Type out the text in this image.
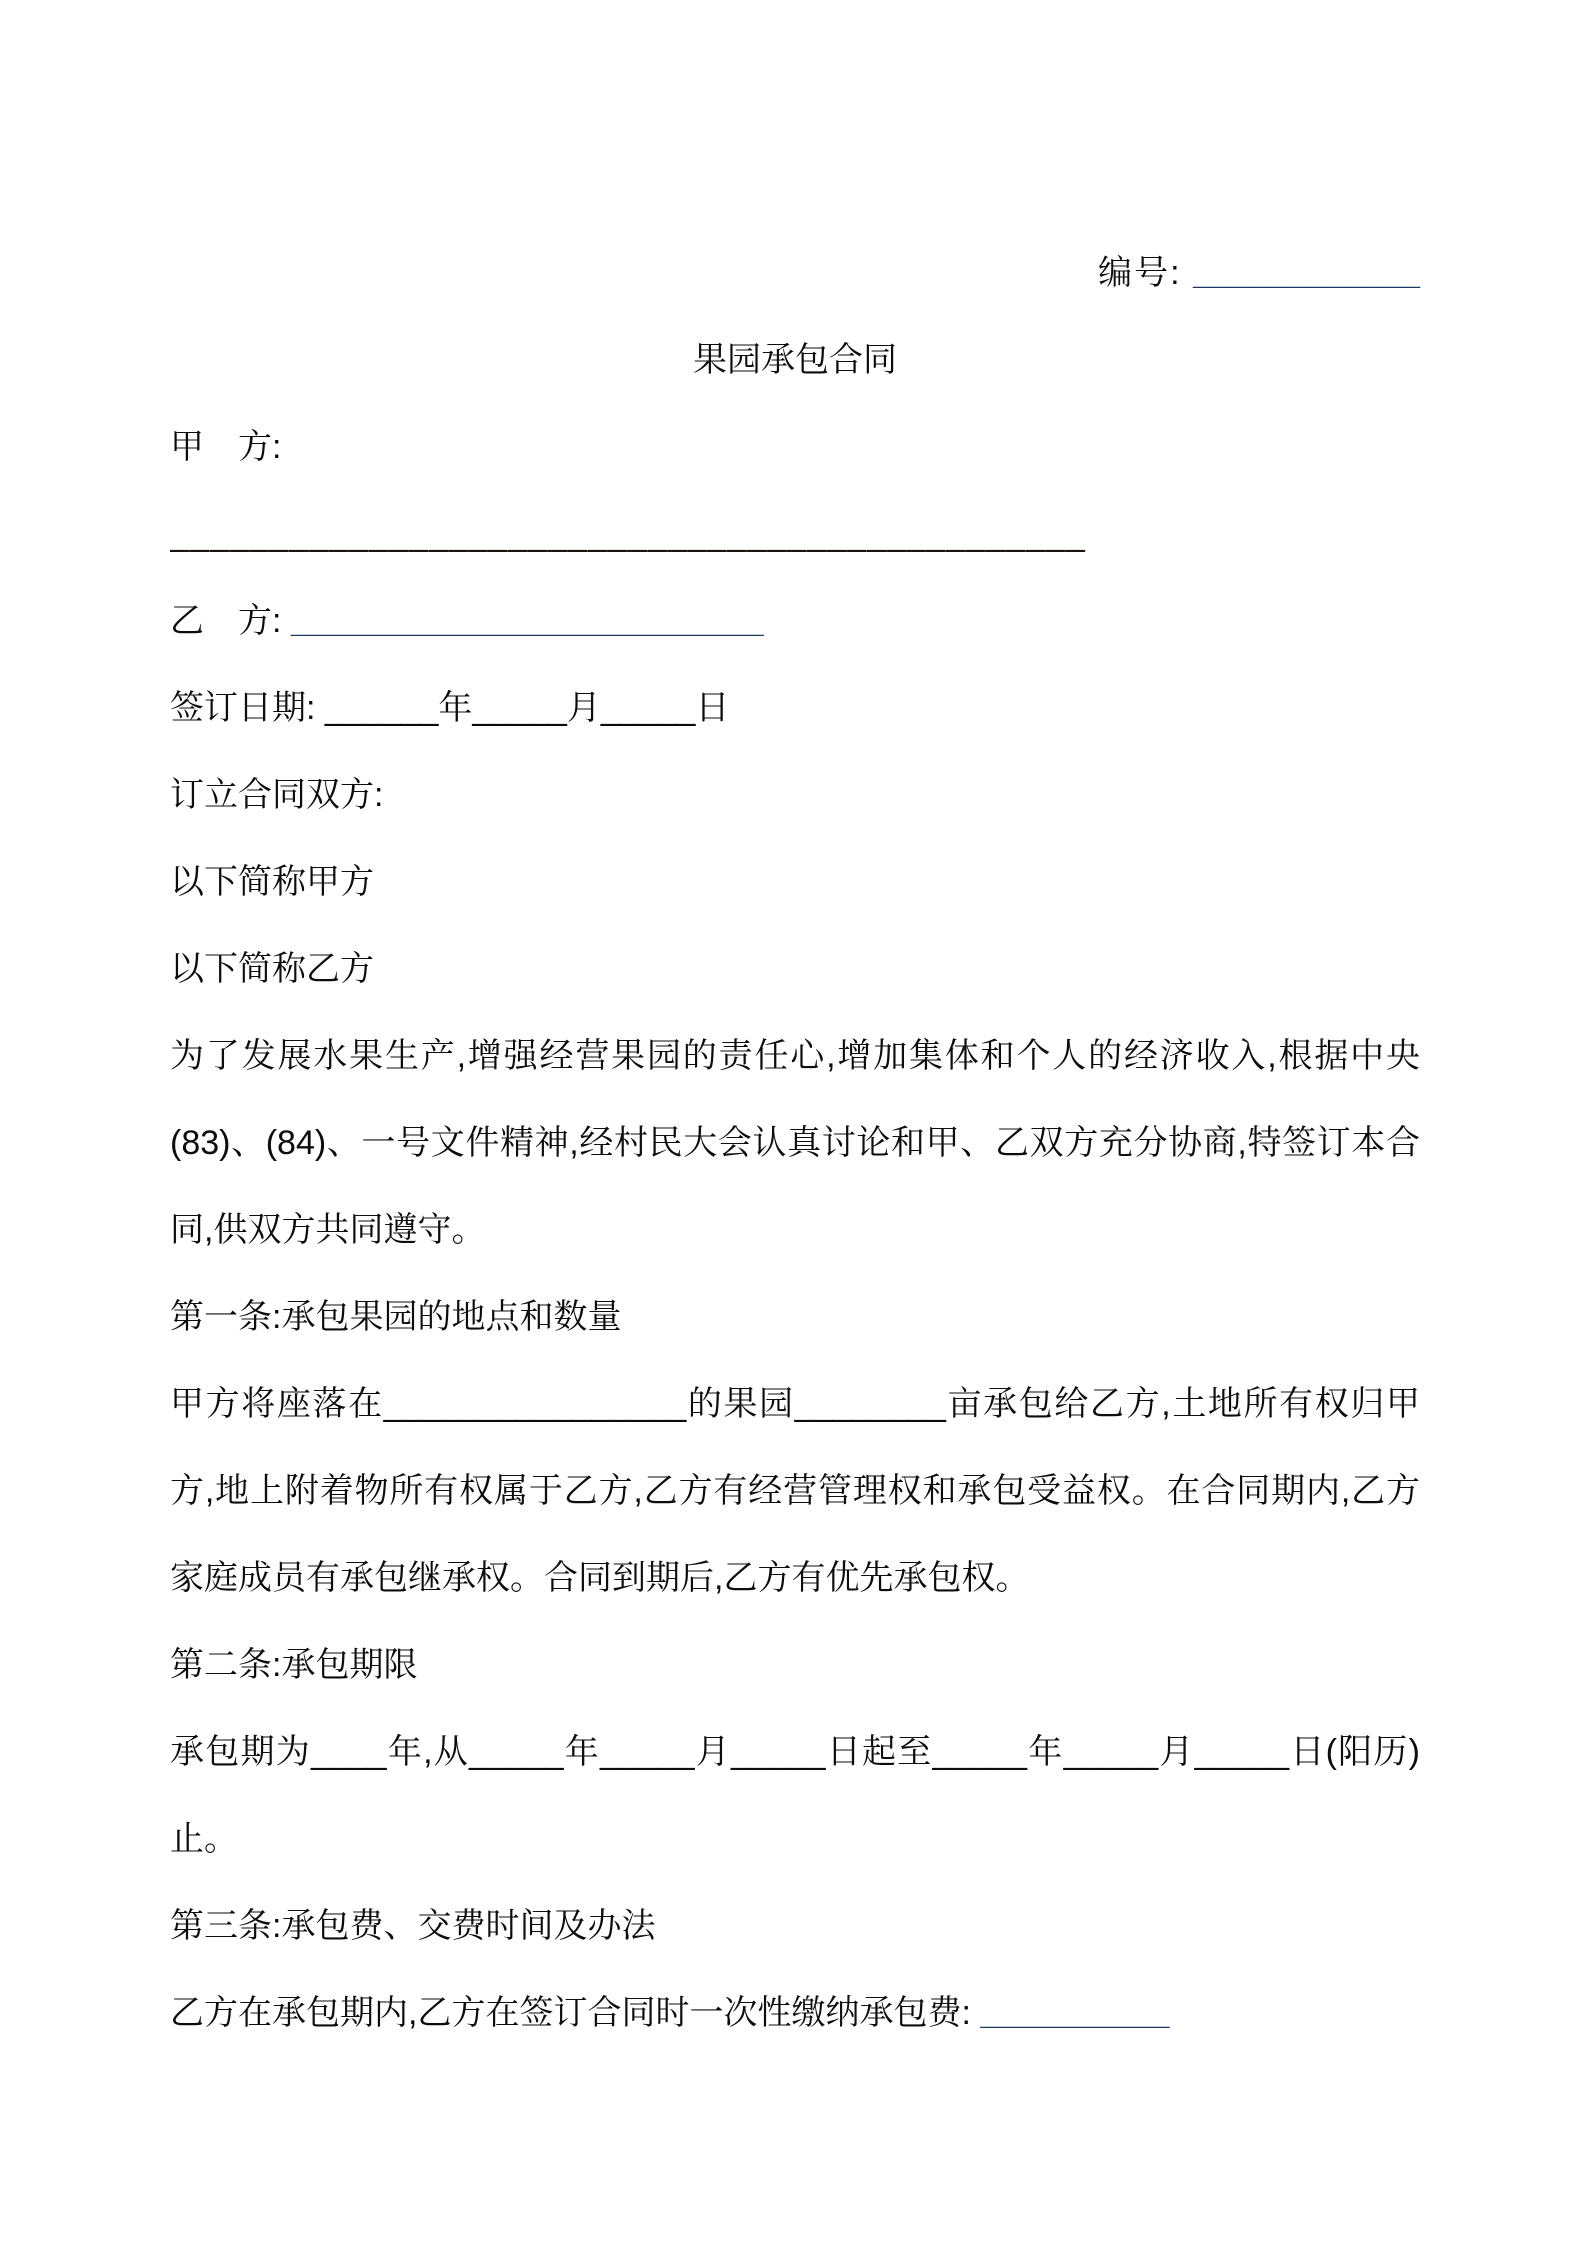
编号: ____________
果园承包合同
甲　方:
______________________________________________
乙　方: _________________________
签订日期: ______年_____月_____日
订立合同双方:
以下简称甲方
以下简称乙方

为了发展水果生产,增强经营果园的责任心,增加集体和个人的经济收入,根据中央(83)、(84)、一号文件精神,经村民大会认真讨论和甲、乙双方充分协商,特签订本合同,供双方共同遵守。

第一条:承包果园的地点和数量

甲方将座落在________________的果园________亩承包给乙方,土地所有权归甲方,地上附着物所有权属于乙方,乙方有经营管理权和承包受益权。在合同期内,乙方家庭成员有承包继承权。合同到期后,乙方有优先承包权。

第二条:承包期限

承包期为____年,从_____年_____月_____日起至_____年_____月_____日(阳历)止。

第三条:承包费、交费时间及办法

乙方在承包期内,乙方在签订合同时一次性缴纳承包费: __________
